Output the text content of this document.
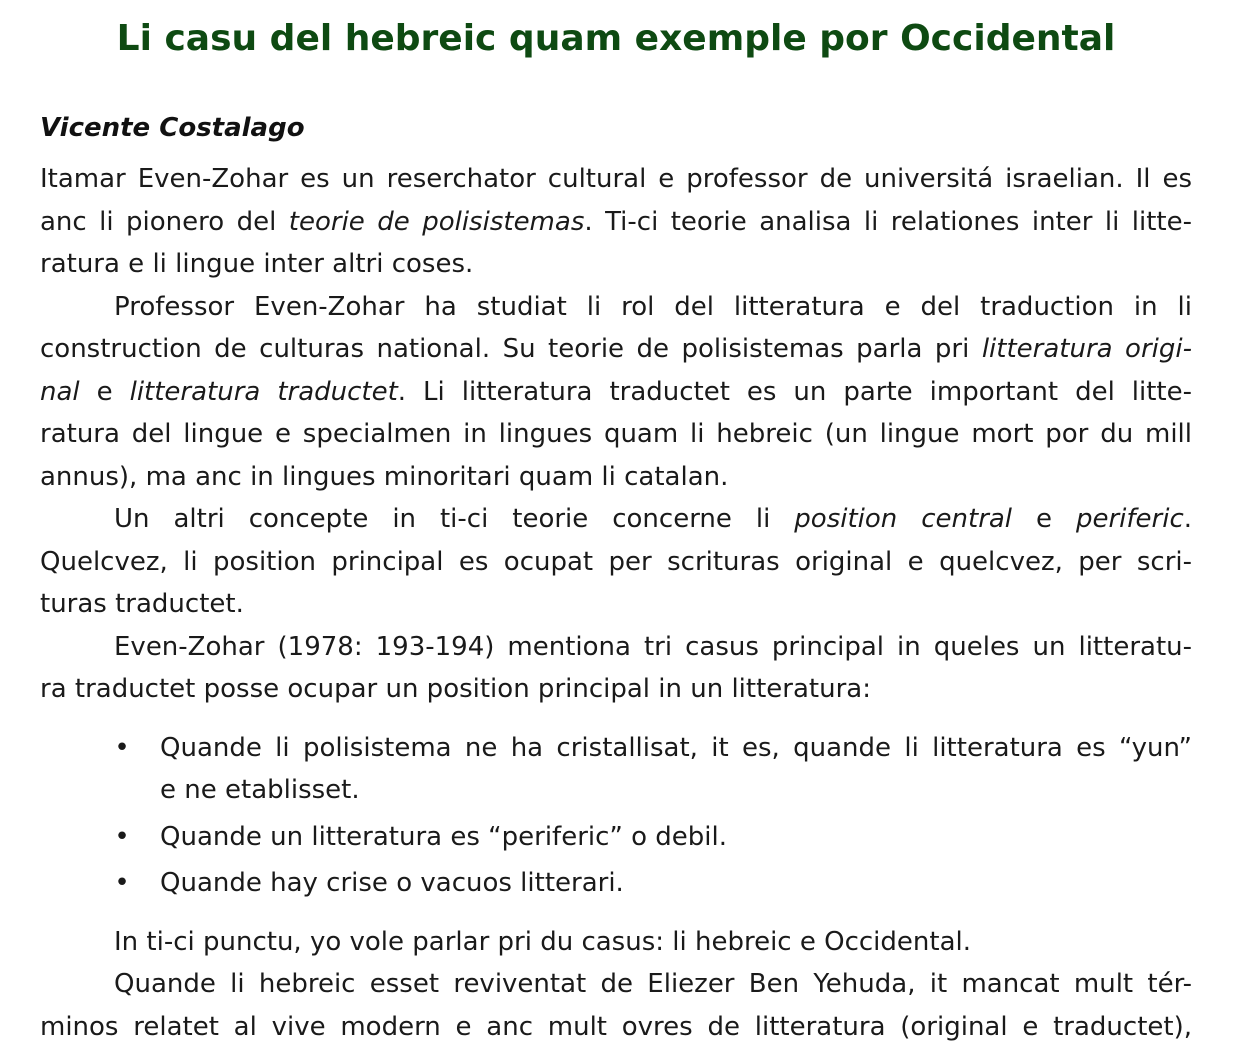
Li casu del hebreic quam exemple por Occidental
Vicente Costalago
Itamar Even-Zohar es un reserchator cultural e professor de universitá israelian. Il es
anc li pionero del teorie de polisistemas. Ti-ci teorie analisa li relationes inter li litte-
ratura e li lingue inter altri coses.
Professor Even-Zohar ha studiat li rol del litteratura e del traduction in li
construction de culturas national. Su teorie de polisistemas parla pri litteratura origi-
nal e litteratura traductet. Li litteratura traductet es un parte important del litte-
ratura del lingue e specialmen in lingues quam li hebreic (un lingue mort por du mill
annus), ma anc in lingues minoritari quam li catalan.
Un altri concepte in ti-ci teorie concerne li position central e periferic.
Quelcvez, li position principal es ocupat per scrituras original e quelcvez, per scri-
turas traductet.
Even-Zohar (1978: 193-194) mentiona tri casus principal in queles un litteratu-
ra traductet posse ocupar un position principal in un litteratura:
• Quande li polisistema ne ha cristallisat, it es, quande li litteratura es “yun”
e ne etablisset.
• Quande un litteratura es “periferic” o debil.
• Quande hay crise o vacuos litterari.
In ti-ci punctu, yo vole parlar pri du casus: li hebreic e Occidental.
Quande li hebreic esset reviventat de Eliezer Ben Yehuda, it mancat mult tér-
minos relatet al vive modern e anc mult ovres de litteratura (original e traductet),
